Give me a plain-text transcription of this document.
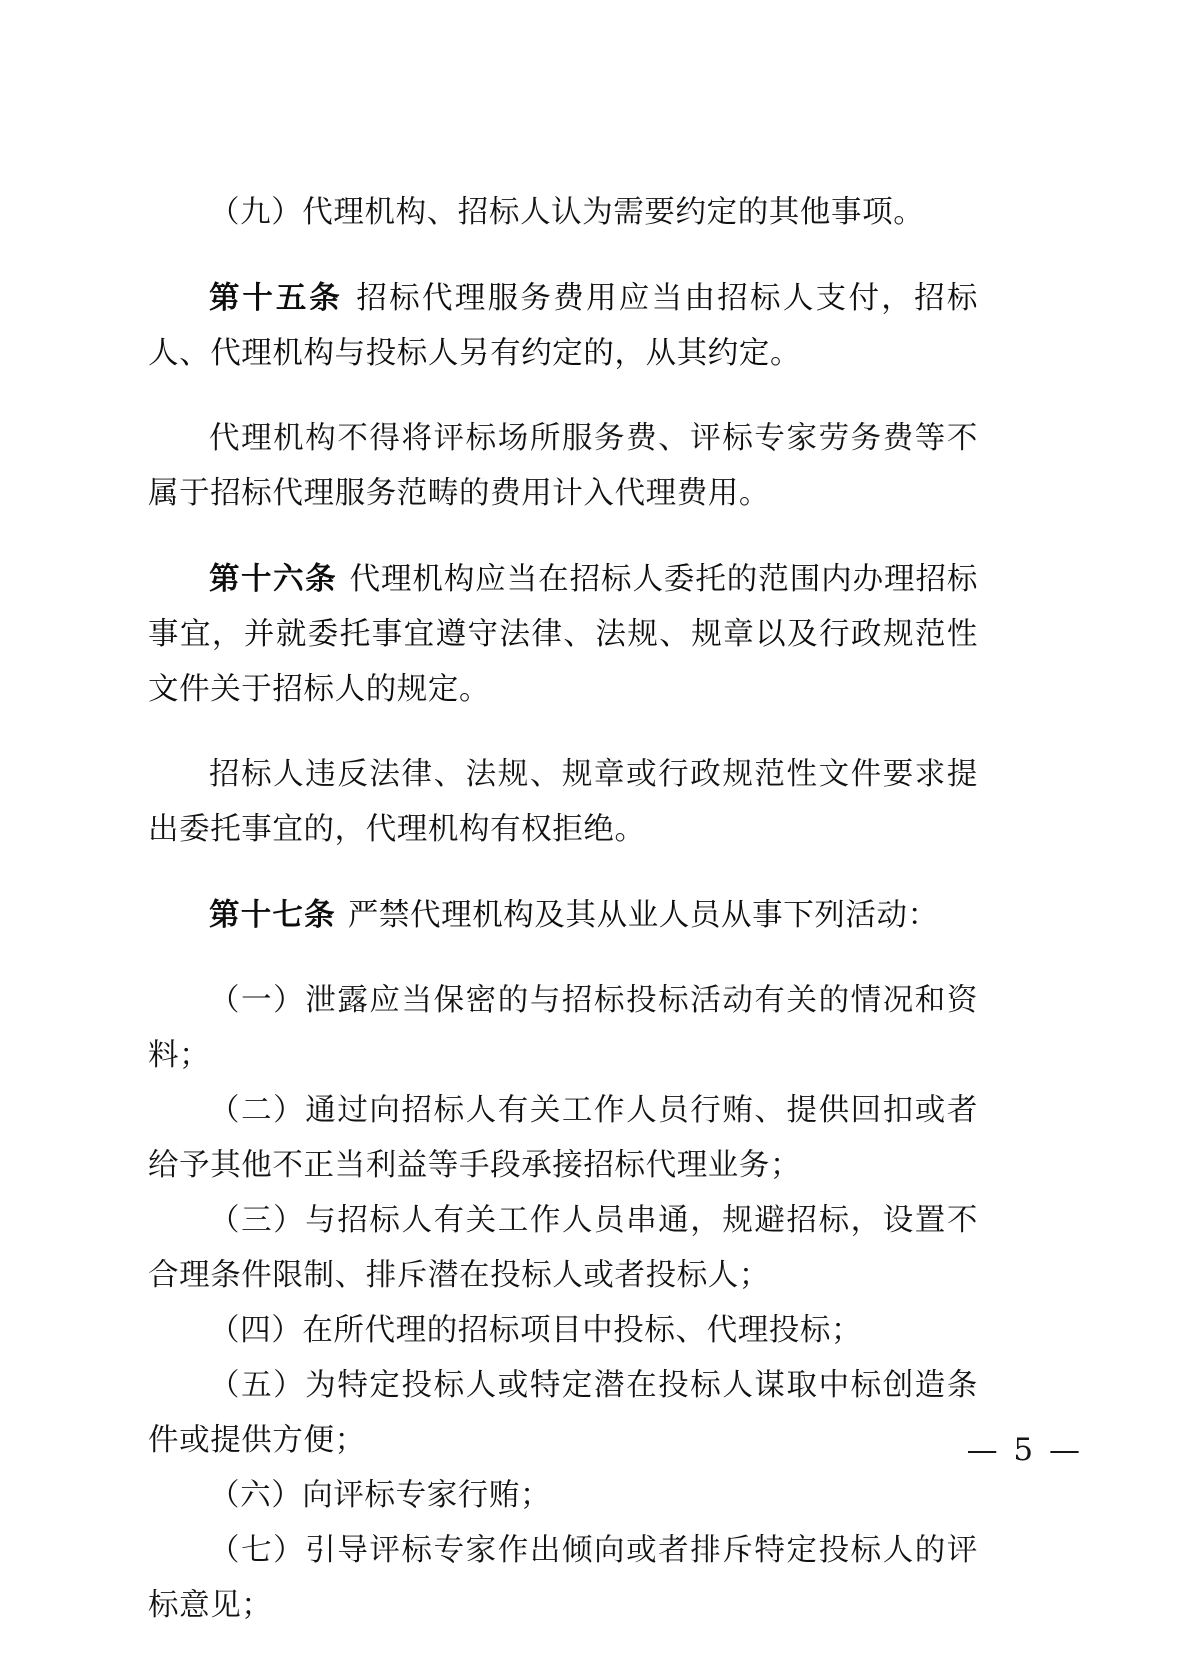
（九）代理机构、招标人认为需要约定的其他事项。

第十五条 招标代理服务费用应当由招标人支付，招标人、代理机构与投标人另有约定的，从其约定。

代理机构不得将评标场所服务费、评标专家劳务费等不属于招标代理服务范畴的费用计入代理费用。

第十六条 代理机构应当在招标人委托的范围内办理招标事宜，并就委托事宜遵守法律、法规、规章以及行政规范性文件关于招标人的规定。

招标人违反法律、法规、规章或行政规范性文件要求提出委托事宜的，代理机构有权拒绝。

第十七条 严禁代理机构及其从业人员从事下列活动：

（一）泄露应当保密的与招标投标活动有关的情况和资料；

（二）通过向招标人有关工作人员行贿、提供回扣或者给予其他不正当利益等手段承接招标代理业务；

（三）与招标人有关工作人员串通，规避招标，设置不合理条件限制、排斥潜在投标人或者投标人；

（四）在所代理的招标项目中投标、代理投标；

（五）为特定投标人或特定潜在投标人谋取中标创造条件或提供方便；

（六）向评标专家行贿；

（七）引导评标专家作出倾向或者排斥特定投标人的评标意见；

— 5 —
